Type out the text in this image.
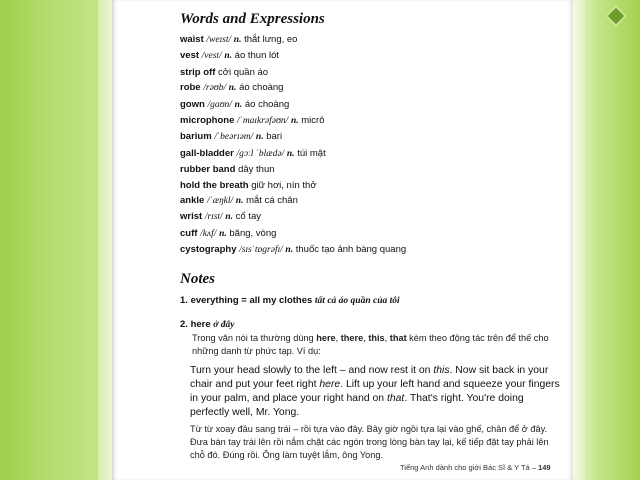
Words and Expressions
waist /weɪst/ n. thắt lưng, eo
vest /vest/ n. áo thun lót
strip off cởi quần áo
robe /rəʊb/ n. áo choàng
gown /gaʊn/ n. áo choàng
microphone /ˈmaɪkrəfəʊn/ n. micrô
barium /ˈbeərɪəm/ n. bari
gall-bladder /gɔːl ˈblædə/ n. túi mật
rubber band dây thun
hold the breath giữ hơi, nín thở
ankle /ˈæŋkl/ n. mắt cá chân
wrist /rɪst/ n. cổ tay
cuff /kʌf/ n. băng, vòng
cystography /sɪsˈtɒgrəfɪ/ n. thuốc tạo ảnh bàng quang
Notes
1. everything = all my clothes tất cả áo quần của tôi
2. here ở đây
Trong văn nói ta thường dùng here, there, this, that kèm theo động tác trên để thế cho những danh từ phức tạp. Ví dụ:
Turn your head slowly to the left – and now rest it on this. Now sit back in your chair and put your feet right here. Lift up your left hand and squeeze your fingers in your palm, and place your right hand on that. That's right. You're doing perfectly well, Mr. Yong.
Từ từ xoay đầu sang trái – rồi tựa vào đây. Bây giờ ngồi tựa lại vào ghế, chân để ở đây. Đưa bàn tay trái lên rồi nắm chặt các ngón trong lòng bàn tay lại, kế tiếp đặt tay phải lên chỗ đó. Đúng rồi. Ông làm tuyệt lắm, ông Yong.
Tiếng Anh dành cho giới Bác Sĩ & Y Tá – 149
